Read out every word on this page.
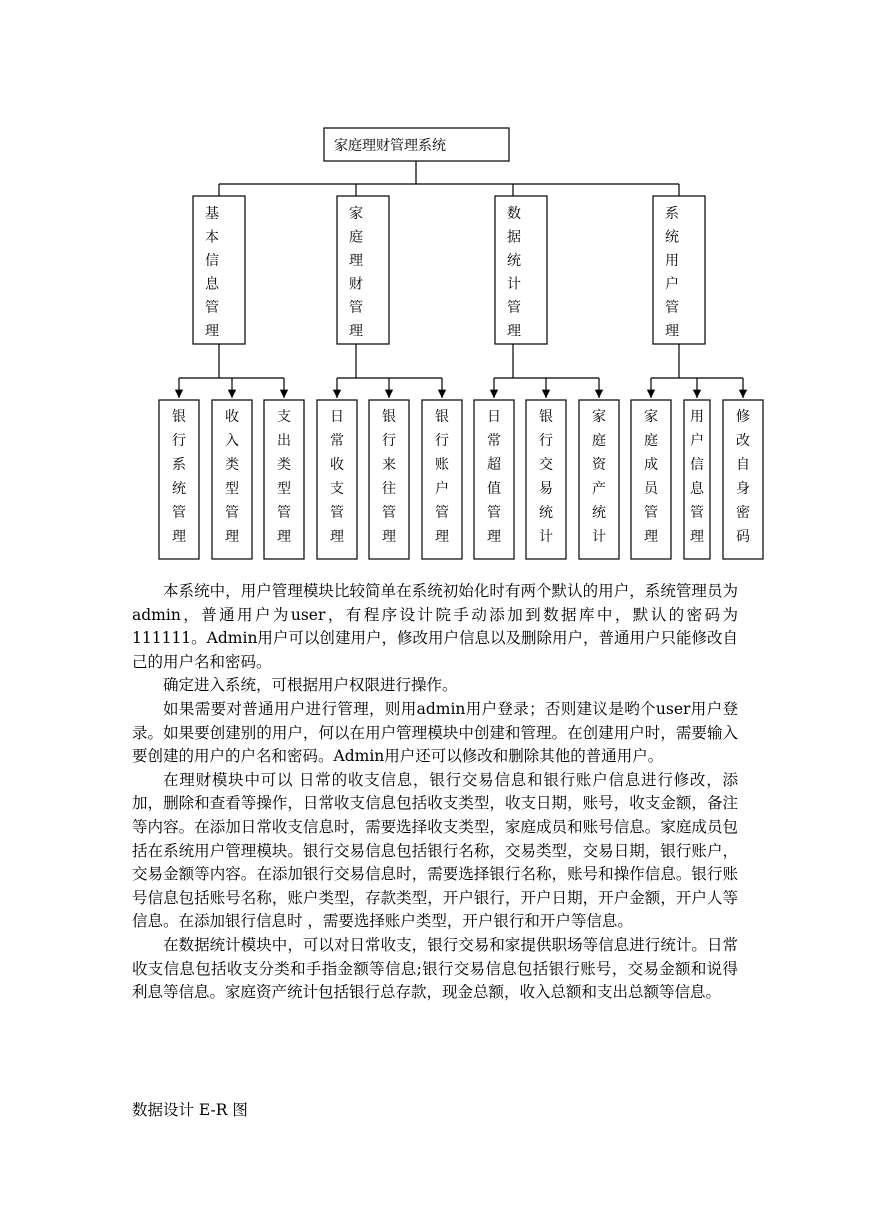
家庭理财管理系统
基本信息管理
银行系统管理
收入类型管理
支出类型管理
家庭理财管理
日常收支管理
银行来往管理
银行账户管理
数据统计管理
日常超值管理
银行交易统计
家庭资产统计
系统用户管理
家庭成员管理
用户信息管理
修改自身密码

本系统中，用户管理模块比较简单在系统初始化时有两个默认的用户，系统管理员为admin，普通用户为user，有程序设计院手动添加到数据库中，默认的密码为111111。Admin用户可以创建用户，修改用户信息以及删除用户，普通用户只能修改自己的用户名和密码。

确定进入系统，可根据用户权限进行操作。

如果需要对普通用户进行管理，则用admin用户登录；否则建议是哟个user用户登录。如果要创建别的用户，何以在用户管理模块中创建和管理。在创建用户时，需要输入要创建的用户的户名和密码。Admin用户还可以修改和删除其他的普通用户。

在理财模块中可以 日常的收支信息，银行交易信息和银行账户信息进行修改，添加，删除和查看等操作，日常收支信息包括收支类型，收支日期，账号，收支金额，备注等内容。在添加日常收支信息时，需要选择收支类型，家庭成员和账号信息。家庭成员包括在系统用户管理模块。银行交易信息包括银行名称，交易类型，交易日期，银行账户，交易金额等内容。在添加银行交易信息时，需要选择银行名称，账号和操作信息。银行账号信息包括账号名称，账户类型，存款类型，开户银行，开户日期，开户金额，开户人等信息。在添加银行信息时 ，需要选择账户类型，开户银行和开户等信息。

在数据统计模块中，可以对日常收支，银行交易和家提供职场等信息进行统计。日常收支信息包括收支分类和手指金额等信息;银行交易信息包括银行账号，交易金额和说得利息等信息。家庭资产统计包括银行总存款，现金总额，收入总额和支出总额等信息。

数据设计 E-R 图
